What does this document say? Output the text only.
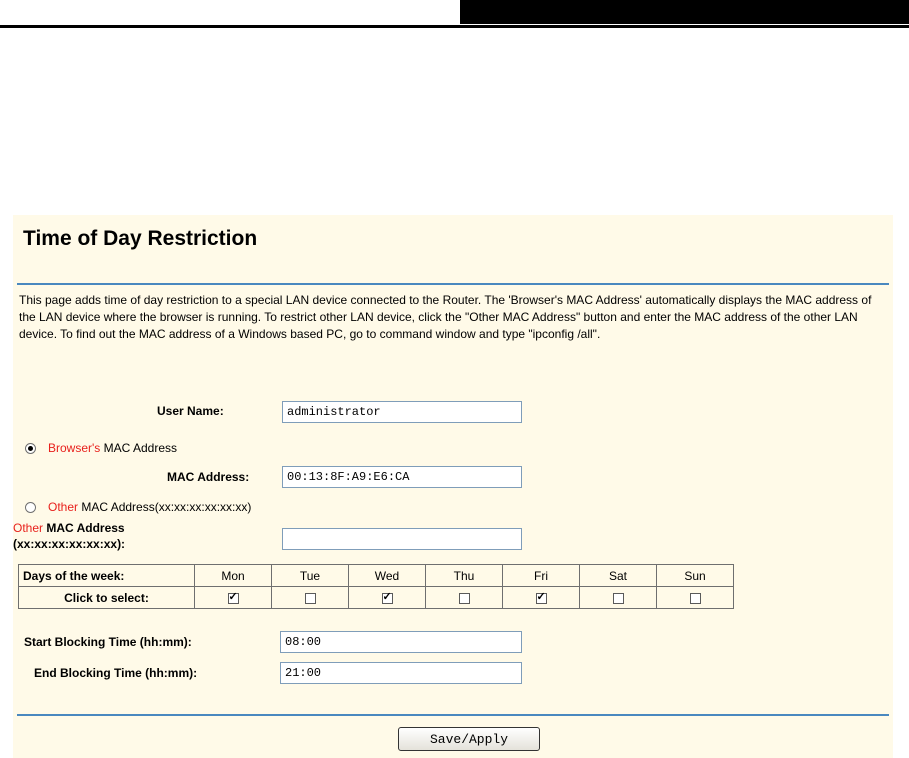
Time of Day Restriction
This page adds time of day restriction to a special LAN device connected to the Router. The 'Browser's MAC Address' automatically displays the MAC address of the LAN device where the browser is running. To restrict other LAN device, click the "Other MAC Address" button and enter the MAC address of the other LAN device. To find out the MAC address of a Windows based PC, go to command window and type "ipconfig /all".
User Name:
administrator
Browser's MAC Address
MAC Address:
00:13:8F:A9:E6:CA
Other MAC Address(xx:xx:xx:xx:xx:xx)
Other MAC Address
(xx:xx:xx:xx:xx:xx):
Days of the week:	Mon	Tue	Wed	Thu	Fri	Sat	Sun
Click to select:	✓		✓		✓		
Start Blocking Time (hh:mm):
08:00
End Blocking Time (hh:mm):
21:00
Save/Apply
